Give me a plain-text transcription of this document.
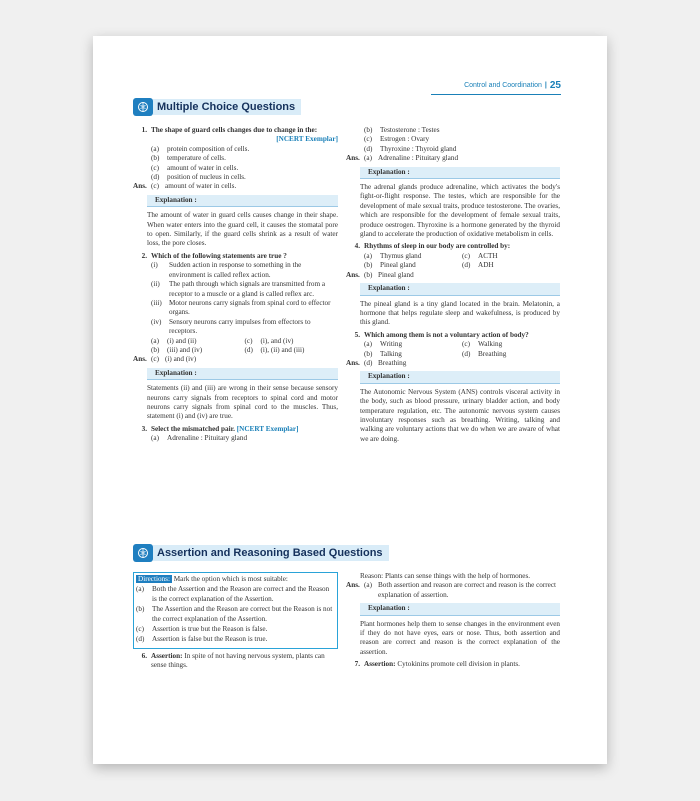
Control and Coordination | 25
Multiple Choice Questions
1. The shape of guard cells changes due to change in the:
[NCERT Exemplar]
(a)	protein composition of cells.
(b)	temperature of cells.
(c)	amount of water in cells.
(d)	position of nucleus in cells.
Ans. (c) amount of water in cells.
Explanation :
The amount of water in guard cells causes change in their shape. When water enters into the guard cell, it causes the stomatal pore to open. Similarly, if the guard cells shrink as a result of water loss, the pore closes.
2. Which of the following statements are true ?
(i)	Sudden action in response to something in the environment is called reflex action.
(ii)	The path through which signals are transmitted from a receptor to a muscle or a gland is called reflex arc.
(iii)	Motor neurons carry signals from spinal cord to effector organs.
(iv)	Sensory neurons carry impulses from effectors to receptors.
(a)	(i) and (ii)	(c)	(i), and (iv)
(b)	(iii) and (iv)	(d)	(i), (ii) and (iii)
Ans. (c) (i) and (iv)
Explanation :
Statements (ii) and (iii) are wrong in their sense because sensory neurons carry signals from receptors to spinal cord and motor neurons carry signals from spinal cord to the muscles. Thus, statement (i) and (iv) are true.
3. Select the mismatched pair. [NCERT Exemplar]
(a)	Adrenaline : Pituitary gland
(b)	Testosterone : Testes
(c)	Estrogen : Ovary
(d)	Thyroxine : Thyroid gland
Ans. (a) Adrenaline : Pituitary gland
Explanation :
The adrenal glands produce adrenaline, which activates the body's fight-or-flight response. The testes, which are responsible for the development of male sexual traits, produce testosterone. The ovaries, which are responsible for the development of female sexual traits, produce oestrogen. Thyroxine is a hormone generated by the thyroid gland to accelerate the production of oxidative metabolism in cells.
4. Rhythms of sleep in our body are controlled by:
(a)	Thymus gland	(c)	ACTH
(b)	Pineal gland	(d)	ADH
Ans. (b) Pineal gland
Explanation :
The pineal gland is a tiny gland located in the brain. Melatonin, a hormone that helps regulate sleep and wakefulness, is produced by this gland.
5. Which among them is not a voluntary action of body?
(a)	Writing	(c)	Walking
(b)	Talking	(d)	Breathing
Ans. (d) Breathing
Explanation :
The Autonomic Nervous System (ANS) controls visceral activity in the body, such as blood pressure, urinary bladder action, and body temperature regulation, etc. The autonomic nervous system causes involuntary responses such as breathing. Writing, talking and walking are voluntary actions that we do when we are aware of what we are doing.
Assertion and Reasoning Based Questions
Directions: Mark the option which is most suitable:
(a)	Both the Assertion and the Reason are correct and the Reason is the correct explanation of the Assertion.
(b)	The Assertion and the Reason are correct but the Reason is not the correct explanation of the Assertion.
(c)	Assertion is true but the Reason is false.
(d)	Assertion is false but the Reason is true.
6. Assertion: In spite of not having nervous system, plants can sense things.
Reason: Plants can sense things with the help of hormones.
Ans. (a) Both assertion and reason are correct and reason is the correct explanation of assertion.
Explanation :
Plant hormones help them to sense changes in the environment even if they do not have eyes, ears or nose. Thus, both assertion and reason are correct and reason is the correct explanation of the assertion.
7. Assertion: Cytokinins promote cell division in plants.
